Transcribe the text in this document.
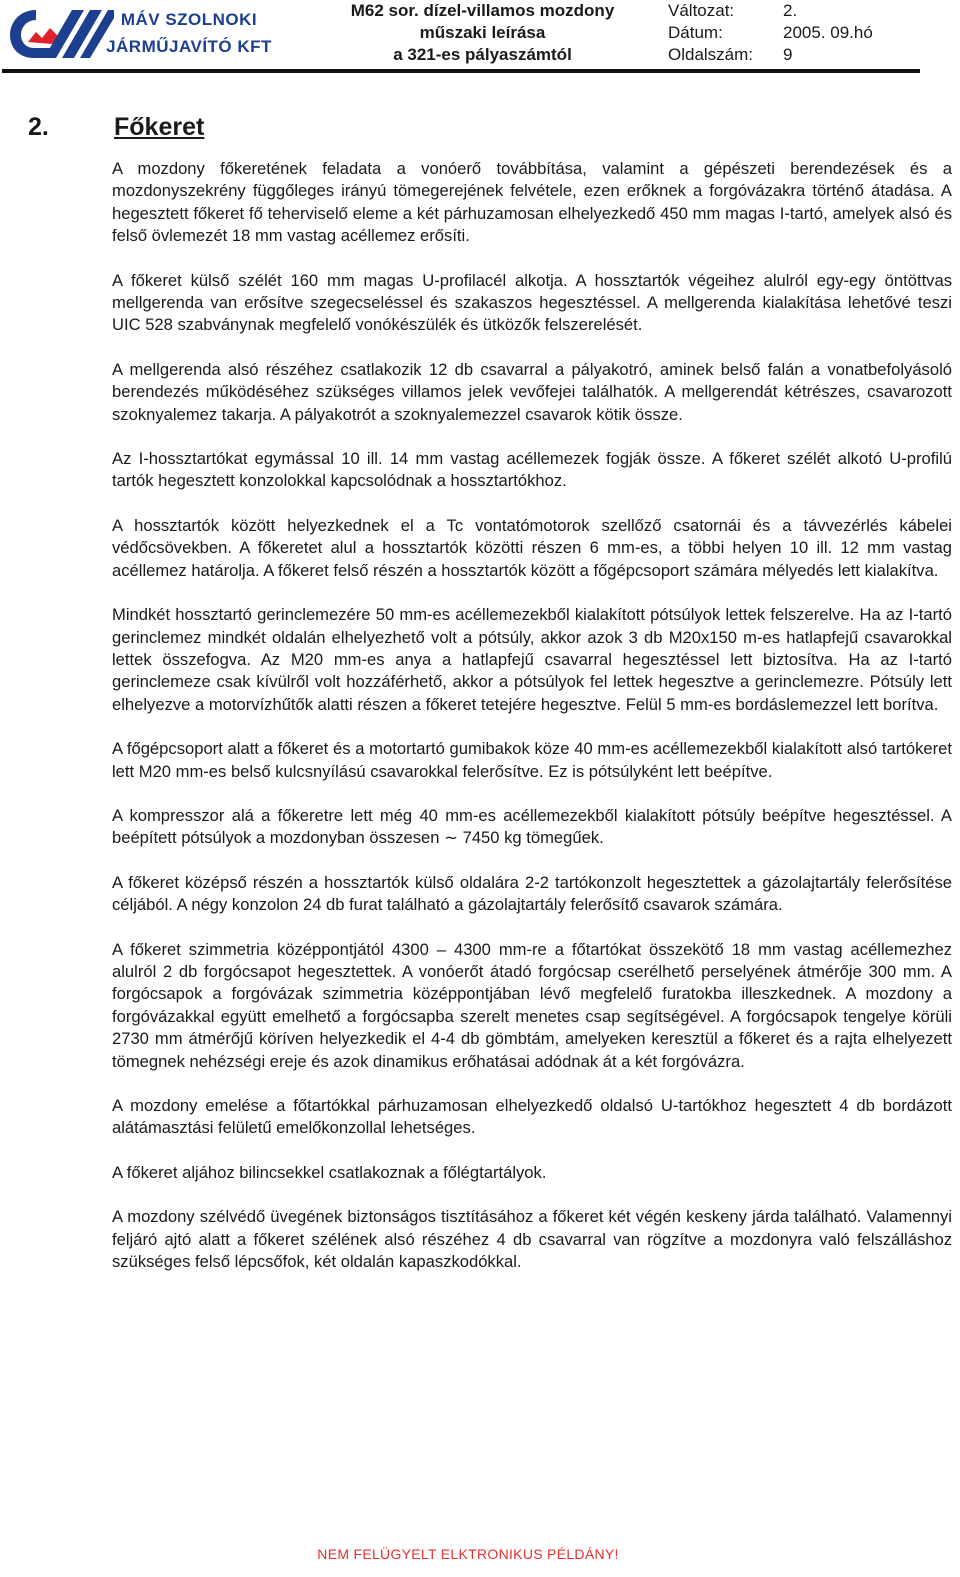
MÁV SZOLNOKI
JÁRMŰJAVÍTÓ KFT
M62 sor. dízel-villamos mozdony
műszaki leírása
a 321-es pályaszámtól
Változat:	2.
Dátum:	2005. 09.hó
Oldalszám:	9
2.	Főkeret

A mozdony főkeretének feladata a vonóerő továbbítása, valamint a gépészeti berendezések és a mozdonyszekrény függőleges irányú tömegerejének felvétele, ezen erőknek a forgóvázakra történő átadása. A hegesztett főkeret fő teherviselő eleme a két párhuzamosan elhelyezkedő 450 mm magas I-tartó, amelyek alsó és felső övlemezét 18 mm vastag acéllemez erősíti.

A főkeret külső szélét 160 mm magas U-profilacél alkotja. A hossztartók végeihez alulról egy-egy öntöttvas mellgerenda van erősítve szegecseléssel és szakaszos hegesztéssel. A mellgerenda kialakítása lehetővé teszi UIC 528 szabványnak megfelelő vonókészülék és ütközők felszerelését.

A mellgerenda alsó részéhez csatlakozik 12 db csavarral a pályakotró, aminek belső falán a vonatbefolyásoló berendezés működéséhez szükséges villamos jelek vevőfejei találhatók. A mellgerendát kétrészes, csavarozott szoknyalemez takarja. A pályakotrót a szoknyalemezzel csavarok kötik össze.

Az I-hossztartókat egymással 10 ill. 14 mm vastag acéllemezek fogják össze. A főkeret szélét alkotó U-profilú tartók hegesztett konzolokkal kapcsolódnak a hossztartókhoz.

A hossztartók között helyezkednek el a Tc vontatómotorok szellőző csatornái és a távvezérlés kábelei védőcsövekben. A főkeretet alul a hossztartók közötti részen 6 mm-es, a többi helyen 10 ill. 12 mm vastag acéllemez határolja. A főkeret felső részén a hossztartók között a főgépcsoport számára mélyedés lett kialakítva.

Mindkét hossztartó gerinclemezére 50 mm-es acéllemezekből kialakított pótsúlyok lettek felszerelve. Ha az I-tartó gerinclemez mindkét oldalán elhelyezhető volt a pótsúly, akkor azok 3 db M20x150 m-es hatlapfejű csavarokkal lettek összefogva. Az M20 mm-es anya a hatlapfejű csavarral hegesztéssel lett biztosítva. Ha az I-tartó gerinclemeze csak kívülről volt hozzáférhető, akkor a pótsúlyok fel lettek hegesztve a gerinclemezre. Pótsúly lett elhelyezve a motorvízhűtők alatti részen a főkeret tetejére hegesztve. Felül 5 mm-es bordáslemezzel lett borítva.

A főgépcsoport alatt a főkeret és a motortartó gumibakok köze 40 mm-es acéllemezekből kialakított alsó tartókeret lett M20 mm-es belső kulcsnyílású csavarokkal felerősítve. Ez is pótsúlyként lett beépítve.

A kompresszor alá a főkeretre lett még 40 mm-es acéllemezekből kialakított pótsúly beépítve hegesztéssel. A beépített pótsúlyok a mozdonyban összesen ∼ 7450 kg tömegűek.

A főkeret középső részén a hossztartók külső oldalára 2-2 tartókonzolt hegesztettek a gázolajtartály felerősítése céljából. A négy konzolon 24 db furat található a gázolajtartály felerősítő csavarok számára.

A főkeret szimmetria középpontjától 4300 – 4300 mm-re a főtartókat összekötő 18 mm vastag acéllemezhez alulról 2 db forgócsapot hegesztettek. A vonóerőt átadó forgócsap cserélhető perselyének átmérője 300 mm. A forgócsapok a forgóvázak szimmetria középpontjában lévő megfelelő furatokba illeszkednek. A mozdony a forgóvázakkal együtt emelhető a forgócsapba szerelt menetes csap segítségével. A forgócsapok tengelye körüli 2730 mm átmérőjű köríven helyezkedik el 4-4 db gömbtám, amelyeken keresztül a főkeret és a rajta elhelyezett tömegnek nehézségi ereje és azok dinamikus erőhatásai adódnak át a két forgóvázra.

A mozdony emelése a főtartókkal párhuzamosan elhelyezkedő oldalsó U-tartókhoz hegesztett 4 db bordázott alátámasztási felületű emelőkonzollal lehetséges.

A főkeret aljához bilincsekkel csatlakoznak a főlégtartályok.

A mozdony szélvédő üvegének biztonságos tisztításához a főkeret két végén keskeny járda található. Valamennyi feljáró ajtó alatt a főkeret szélének alsó részéhez 4 db csavarral van rögzítve a mozdonyra való felszálláshoz szükséges felső lépcsőfok, két oldalán kapaszkodókkal.

NEM FELÜGYELT ELKTRONIKUS PÉLDÁNY!
